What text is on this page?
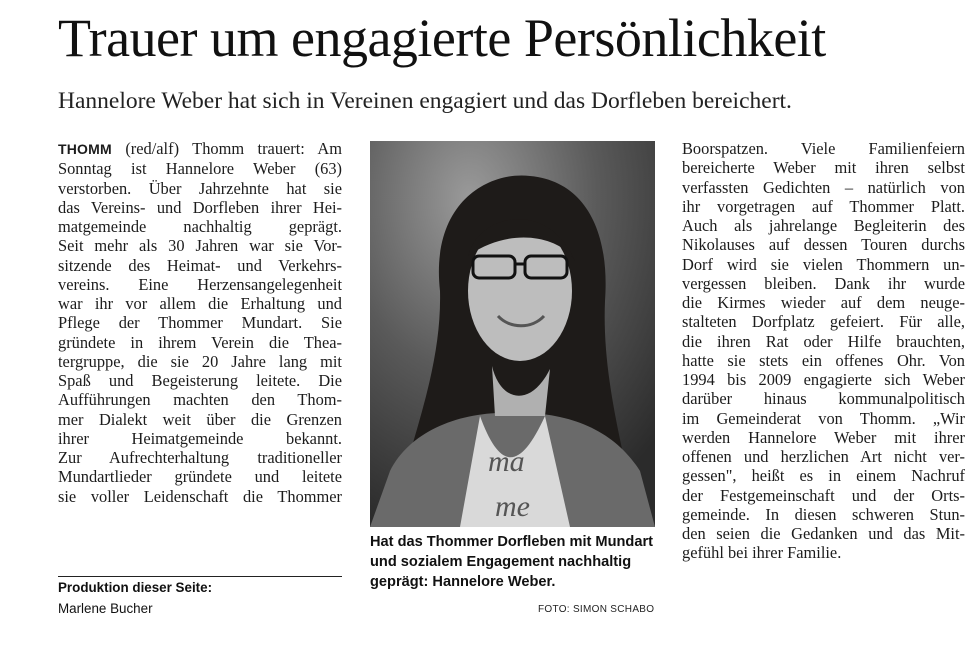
Trauer um engagierte Persönlichkeit
Hannelore Weber hat sich in Vereinen engagiert und das Dorfleben bereichert.
THOMM (red/alf) Thomm trauert: Am
Sonntag ist Hannelore Weber (63)
verstorben. Über Jahrzehnte hat sie
das Vereins- und Dorfleben ihrer Hei-
matgemeinde nachhaltig geprägt.
Seit mehr als 30 Jahren war sie Vor-
sitzende des Heimat- und Verkehrs-
vereins. Eine Herzensangelegenheit
war ihr vor allem die Erhaltung und
Pflege der Thommer Mundart. Sie
gründete in ihrem Verein die Thea-
tergruppe, die sie 20 Jahre lang mit
Spaß und Begeisterung leitete. Die
Aufführungen machten den Thom-
mer Dialekt weit über die Grenzen
ihrer Heimatgemeinde bekannt.
Zur Aufrechterhaltung traditioneller
Mundartlieder gründete und leitete
sie voller Leidenschaft die Thommer
ma
me
Hat das Thommer Dorfleben mit Mundart und sozialem Engagement nachhaltig geprägt: Hannelore Weber.
FOTO: SIMON SCHABO
Boorspatzen. Viele Familienfeiern
bereicherte Weber mit ihren selbst
verfassten Gedichten – natürlich von
ihr vorgetragen auf Thommer Platt.
Auch als jahrelange Begleiterin des
Nikolauses auf dessen Touren durchs
Dorf wird sie vielen Thommern un-
vergessen bleiben. Dank ihr wurde
die Kirmes wieder auf dem neuge-
stalteten Dorfplatz gefeiert. Für alle,
die ihren Rat oder Hilfe brauchten,
hatte sie stets ein offenes Ohr. Von
1994 bis 2009 engagierte sich Weber
darüber hinaus kommunalpolitisch
im Gemeinderat von Thomm. „Wir
werden Hannelore Weber mit ihrer
offenen und herzlichen Art nicht ver-
gessen", heißt es in einem Nachruf
der Festgemeinschaft und der Orts-
gemeinde. In diesen schweren Stun-
den seien die Gedanken und das Mit-
gefühl bei ihrer Familie.
Produktion dieser Seite:
Marlene Bucher
